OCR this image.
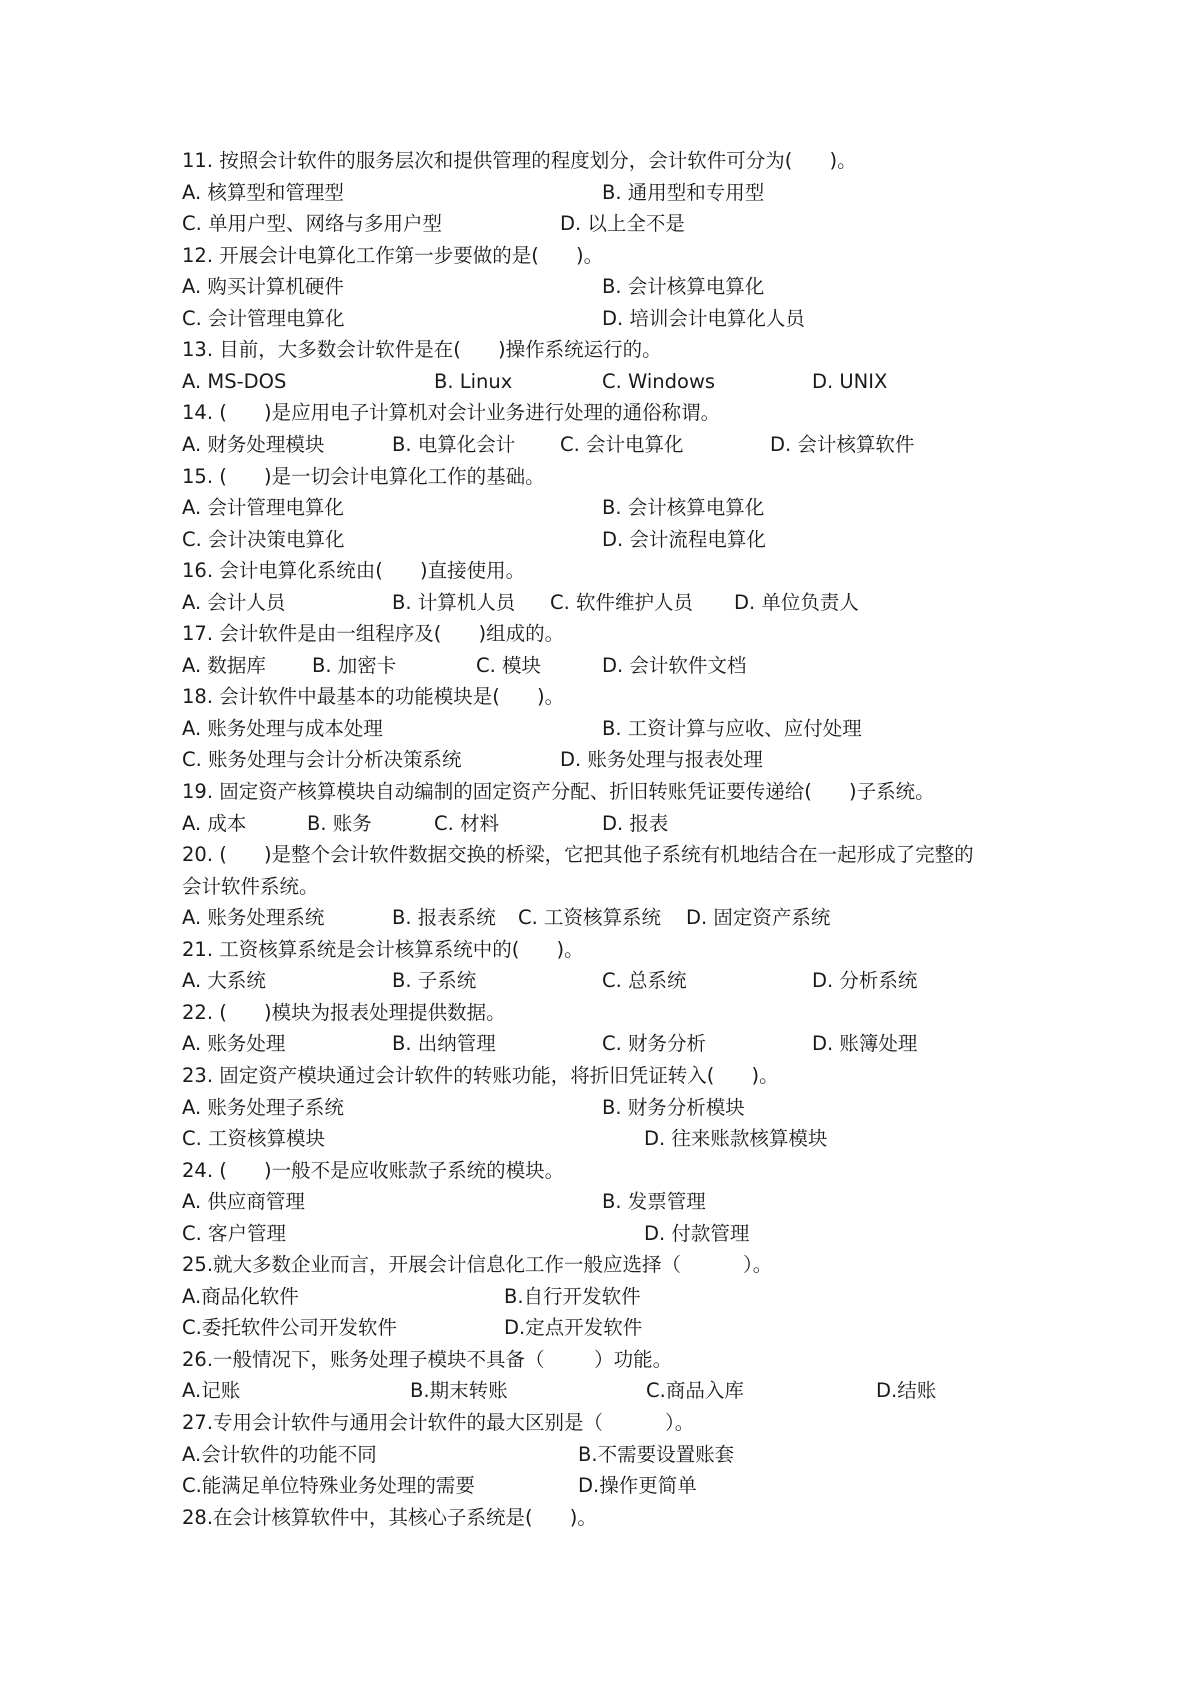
11. 按照会计软件的服务层次和提供管理的程度划分，会计软件可分为(      )。
A. 核算型和管理型	B. 通用型和专用型
C. 单用户型、网络与多用户型	D. 以上全不是
12. 开展会计电算化工作第一步要做的是(      )。
A. 购买计算机硬件	B. 会计核算电算化
C. 会计管理电算化	D. 培训会计电算化人员
13. 目前，大多数会计软件是在(      )操作系统运行的。
A. MS-DOS	B. Linux	C. Windows	D. UNIX
14. (      )是应用电子计算机对会计业务进行处理的通俗称谓。
A. 财务处理模块	B. 电算化会计 C. 会计电算化	D. 会计核算软件
15. (      )是一切会计电算化工作的基础。
A. 会计管理电算化	B. 会计核算电算化
C. 会计决策电算化	D. 会计流程电算化
16. 会计电算化系统由(      )直接使用。
A. 会计人员	B. 计算机人员 C. 软件维护人员 D. 单位负责人
17. 会计软件是由一组程序及(      )组成的。
A. 数据库 B. 加密卡	C. 模块	D. 会计软件文档
18. 会计软件中最基本的功能模块是(      )。
A. 账务处理与成本处理	B. 工资计算与应收、应付处理
C. 账务处理与会计分析决策系统	D. 账务处理与报表处理
19. 固定资产核算模块自动编制的固定资产分配、折旧转账凭证要传递给(      )子系统。
A. 成本	B. 账务	C. 材料	D. 报表
20. (      )是整个会计软件数据交换的桥梁，它把其他子系统有机地结合在一起形成了完整的
会计软件系统。
A. 账务处理系统	B. 报表系统 C. 工资核算系统 D. 固定资产系统
21. 工资核算系统是会计核算系统中的(      )。
A. 大系统	B. 子系统	C. 总系统	D. 分析系统
22. (      )模块为报表处理提供数据。
A. 账务处理	B. 出纳管理	C. 财务分析	D. 账簿处理
23. 固定资产模块通过会计软件的转账功能，将折旧凭证转入(      )。
A. 账务处理子系统	B. 财务分析模块
C. 工资核算模块	D. 往来账款核算模块
24. (      )一般不是应收账款子系统的模块。
A. 供应商管理	B. 发票管理
C. 客户管理	D. 付款管理
25.就大多数企业而言，开展会计信息化工作一般应选择（          ）。
A.商品化软件	B.自行开发软件
C.委托软件公司开发软件	D.定点开发软件
26.一般情况下，账务处理子模块不具备（        ）功能。
A.记账	B.期末转账	C.商品入库	D.结账
27.专用会计软件与通用会计软件的最大区别是（          ）。
A.会计软件的功能不同	B.不需要设置账套
C.能满足单位特殊业务处理的需要	D.操作更简单
28.在会计核算软件中，其核心子系统是(      )。
